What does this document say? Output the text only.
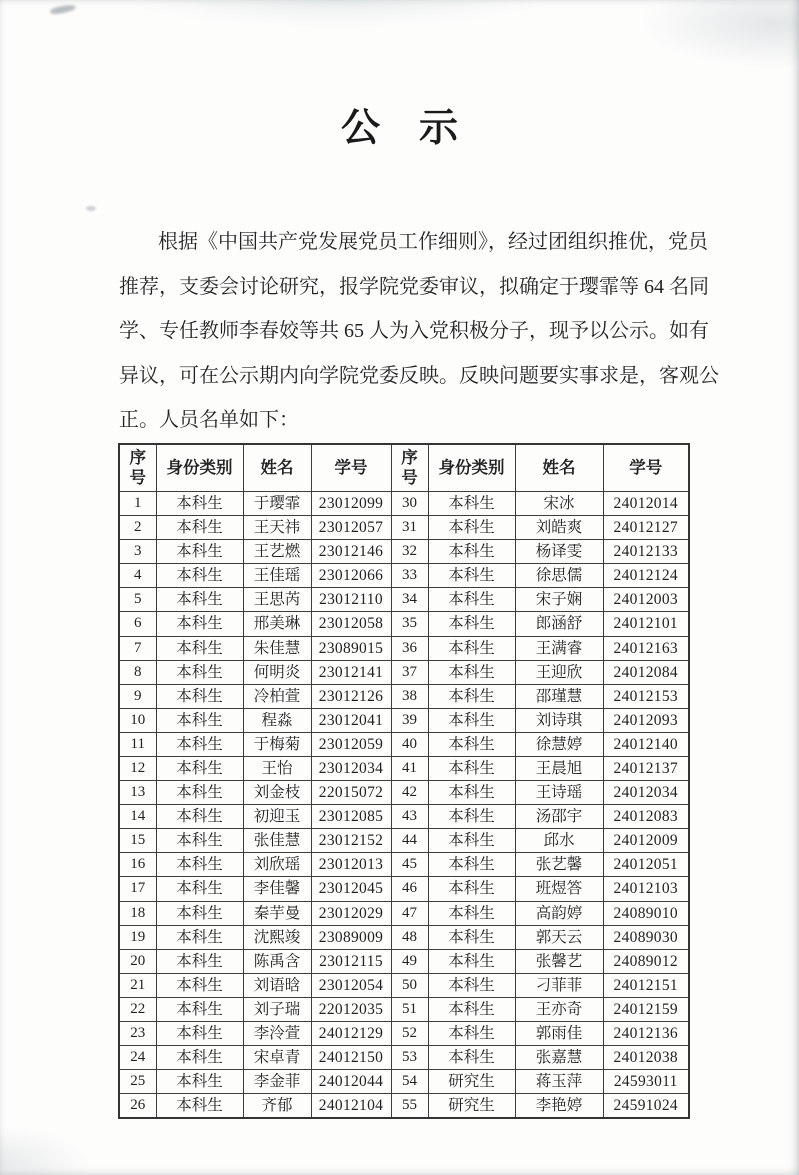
公　示
根据《中国共产党发展党员工作细则》，经过团组织推优，党员
推荐，支委会讨论研究，报学院党委审议，拟确定于璎霏等 64 名同
学、专任教师李春姣等共 65 人为入党积极分子，现予以公示。如有
异议，可在公示期内向学院党委反映。反映问题要实事求是，客观公
正。人员名单如下：
序号	身份类别	姓名	学号	序号	身份类别	姓名	学号
1	本科生	于璎霏	23012099	30	本科生	宋冰	24012014
2	本科生	王天祎	23012057	31	本科生	刘皓爽	24012127
3	本科生	王艺燃	23012146	32	本科生	杨译雯	24012133
4	本科生	王佳瑶	23012066	33	本科生	徐思儒	24012124
5	本科生	王思芮	23012110	34	本科生	宋子娴	24012003
6	本科生	邢美琳	23012058	35	本科生	郎涵舒	24012101
7	本科生	朱佳慧	23089015	36	本科生	王满睿	24012163
8	本科生	何明炎	23012141	37	本科生	王迎欣	24012084
9	本科生	冷柏萱	23012126	38	本科生	邵瑾慧	24012153
10	本科生	程淼	23012041	39	本科生	刘诗琪	24012093
11	本科生	于梅菊	23012059	40	本科生	徐慧婷	24012140
12	本科生	王怡	23012034	41	本科生	王晨旭	24012137
13	本科生	刘金枝	22015072	42	本科生	王诗瑶	24012034
14	本科生	初迎玉	23012085	43	本科生	汤邵宇	24012083
15	本科生	张佳慧	23012152	44	本科生	邱水	24012009
16	本科生	刘欣瑶	23012013	45	本科生	张艺馨	24012051
17	本科生	李佳馨	23012045	46	本科生	班煜答	24012103
18	本科生	秦芋曼	23012029	47	本科生	高韵婷	24089010
19	本科生	沈熙竣	23089009	48	本科生	郭天云	24089030
20	本科生	陈禹含	23012115	49	本科生	张馨艺	24089012
21	本科生	刘语晗	23012054	50	本科生	刁菲菲	24012151
22	本科生	刘子瑞	22012035	51	本科生	王亦奇	24012159
23	本科生	李泠萱	24012129	52	本科生	郭雨佳	24012136
24	本科生	宋卓青	24012150	53	本科生	张嘉慧	24012038
25	本科生	李金菲	24012044	54	研究生	蒋玉萍	24593011
26	本科生	齐郁	24012104	55	研究生	李艳婷	24591024
